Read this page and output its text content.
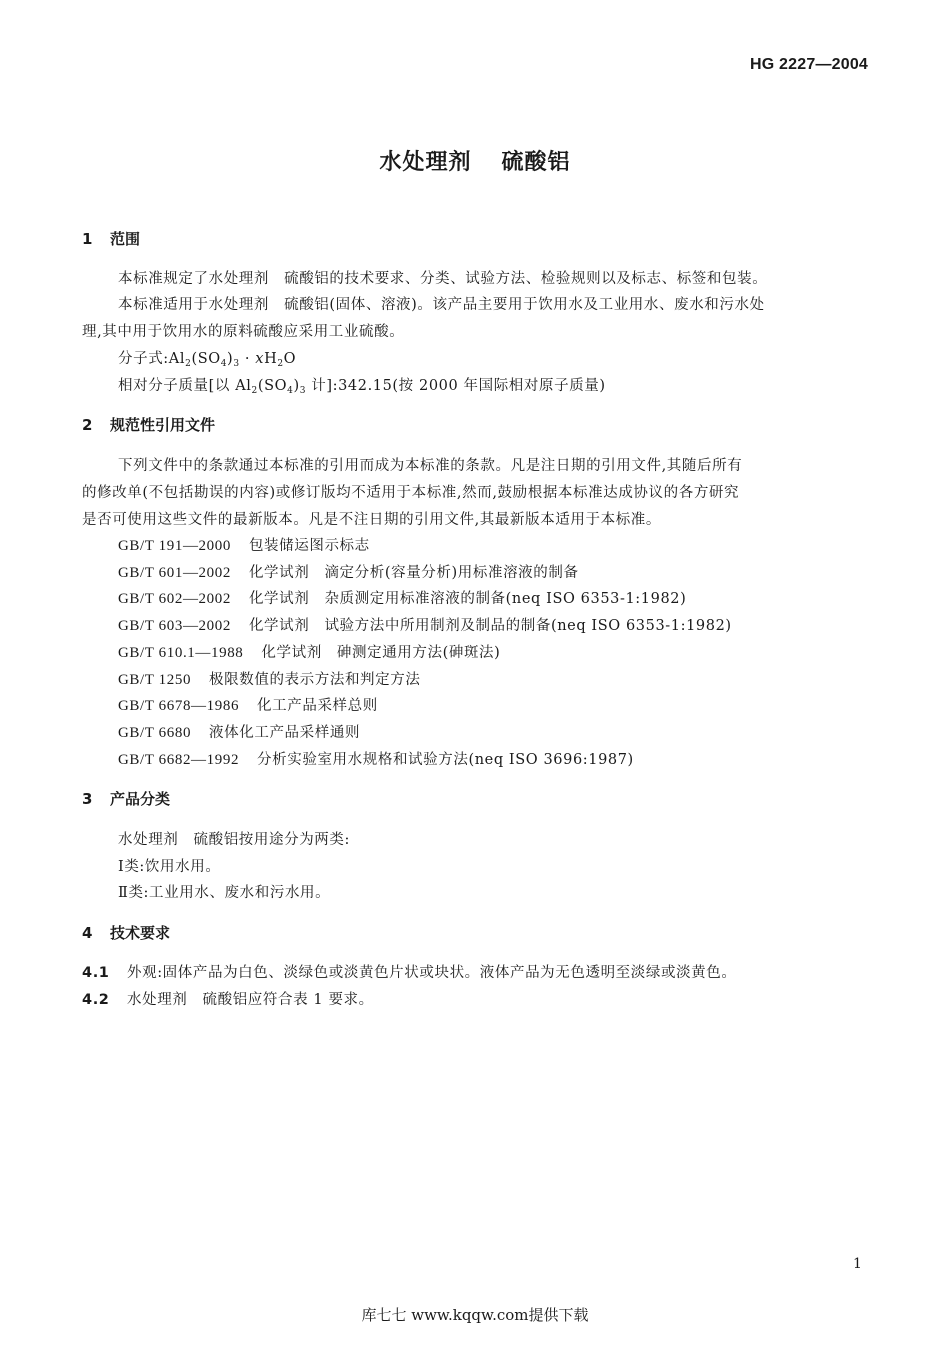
HG 2227—2004
水处理剂 硫酸铝
1 范围
本标准规定了水处理剂　硫酸铝的技术要求、分类、试验方法、检验规则以及标志、标签和包装。
本标准适用于水处理剂　硫酸铝(固体、溶液)。该产品主要用于饮用水及工业用水、废水和污水处
理,其中用于饮用水的原料硫酸应采用工业硫酸。
分子式$:Al_2(SO_4)_3 \cdot xH_2O$
相对分子质量[以 $Al_2(SO_4)_3$ 计]:342.15(按 2000 年国际相对原子质量)
2 规范性引用文件
下列文件中的条款通过本标准的引用而成为本标准的条款。凡是注日期的引用文件,其随后所有
的修改单(不包括勘误的内容)或修订版均不适用于本标准,然而,鼓励根据本标准达成协议的各方研究
是否可使用这些文件的最新版本。凡是不注日期的引用文件,其最新版本适用于本标准。
GB/T 191—2000 包装储运图示标志
GB/T 601—2002 化学试剂　滴定分析(容量分析)用标准溶液的制备
GB/T 602—2002 化学试剂　杂质测定用标准溶液的制备(neq ISO 6353-1:1982)
GB/T 603—2002 化学试剂　试验方法中所用制剂及制品的制备(neq ISO 6353-1:1982)
GB/T 610.1—1988 化学试剂　砷测定通用方法(砷斑法)
GB/T 1250 极限数值的表示方法和判定方法
GB/T 6678—1986 化工产品采样总则
GB/T 6680 液体化工产品采样通则
GB/T 6682—1992 分析实验室用水规格和试验方法(neq ISO 3696:1987)
3 产品分类
水处理剂　硫酸铝按用途分为两类:
Ⅰ类:饮用水用。
Ⅱ类:工业用水、废水和污水用。
4 技术要求
4.1 外观:固体产品为白色、淡绿色或淡黄色片状或块状。液体产品为无色透明至淡绿或淡黄色。
4.2 水处理剂　硫酸铝应符合表 1 要求。
1
库七七 www.kqqw.com提供下载
